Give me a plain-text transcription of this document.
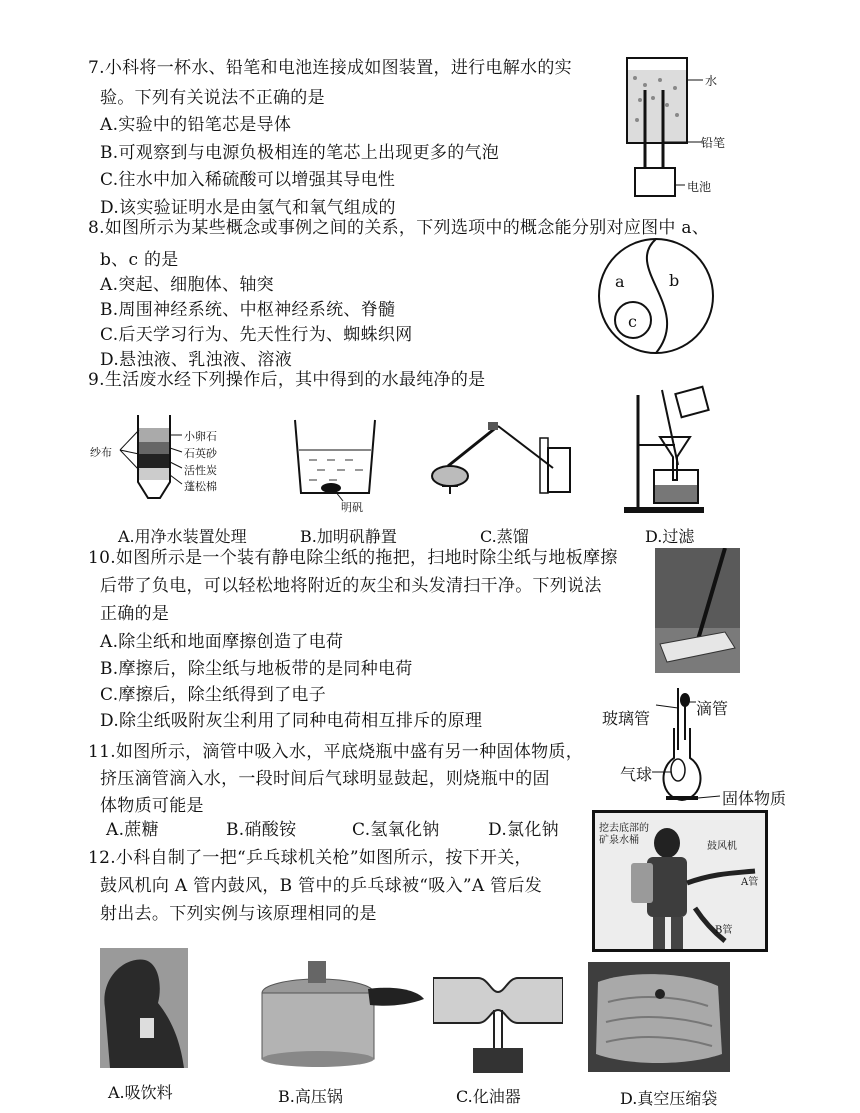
7.小科将一杯水、铅笔和电池连接成如图装置，进行电解水的实
验。下列有关说法不正确的是
A.实验中的铅笔芯是导体
B.可观察到与电源负极相连的笔芯上出现更多的气泡
C.往水中加入稀硫酸可以增强其导电性
D.该实验证明水是由氢气和氧气组成的
水
铅笔
电池
8.如图所示为某些概念或事例之间的关系，下列选项中的概念能分别对应图中 a、
b、c 的是
A.突起、细胞体、轴突
B.周围神经系统、中枢神经系统、脊髓
C.后天学习行为、先天性行为、蜘蛛织网
D.悬浊液、乳浊液、溶液
a	b
c
9.生活废水经下列操作后，其中得到的水最纯净的是
纱布
小卵石
石英砂
活性炭
蓬松棉
明矾
A.用净水装置处理	B.加明矾静置	C.蒸馏	D.过滤
10.如图所示是一个装有静电除尘纸的拖把，扫地时除尘纸与地板摩擦
后带了负电，可以轻松地将附近的灰尘和头发清扫干净。下列说法
正确的是
A.除尘纸和地面摩擦创造了电荷
B.摩擦后，除尘纸与地板带的是同种电荷
C.摩擦后，除尘纸得到了电子
D.除尘纸吸附灰尘利用了同种电荷相互排斥的原理
11.如图所示，滴管中吸入水，平底烧瓶中盛有另一种固体物质，
挤压滴管滴入水，一段时间后气球明显鼓起，则烧瓶中的固
体物质可能是
A.蔗糖	B.硝酸铵	C.氢氧化钠	D.氯化钠
玻璃管
滴管
气球
固体物质
12.小科自制了一把“乒乓球机关枪”如图所示，按下开关，
鼓风机向 A 管内鼓风，B 管中的乒乓球被“吸入”A 管后发
射出去。下列实例与该原理相同的是
挖去底部的
矿泉水桶
鼓风机
A管
B管
A.吸饮料	B.高压锅	C.化油器	D.真空压缩袋
